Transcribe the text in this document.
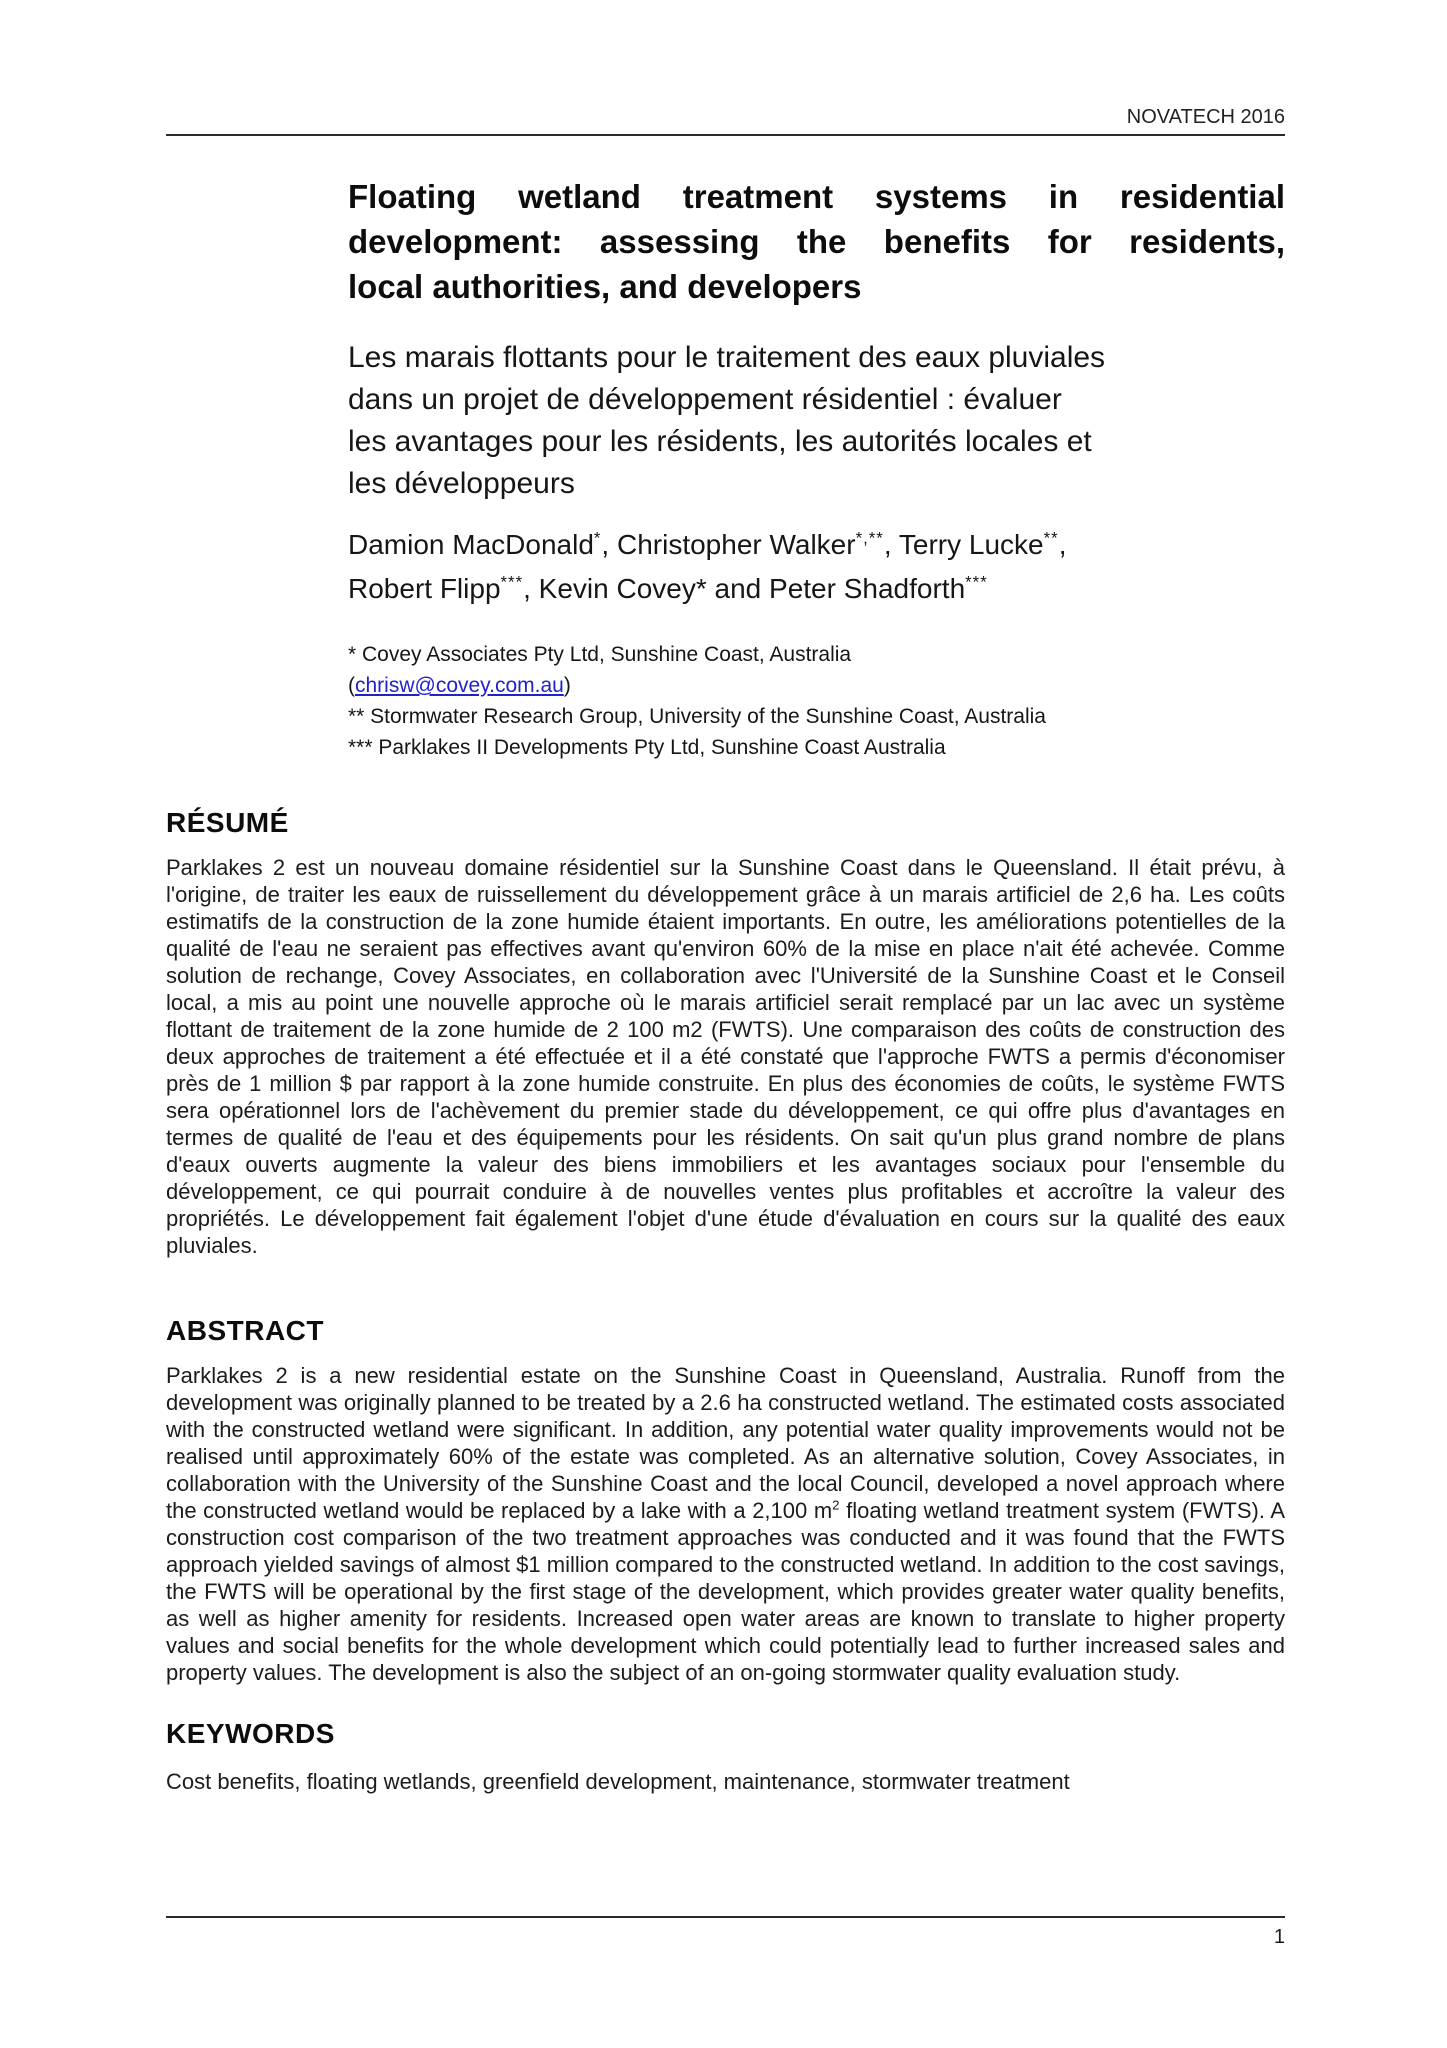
NOVATECH 2016
Floating wetland treatment systems in residential
development: assessing the benefits for residents,
local authorities, and developers
Les marais flottants pour le traitement des eaux pluviales
dans un projet de développement résidentiel : évaluer
les avantages pour les résidents, les autorités locales et
les développeurs

Damion MacDonald*, Christopher Walker*,**, Terry Lucke**,
Robert Flipp***, Kevin Covey* and Peter Shadforth***

* Covey Associates Pty Ltd, Sunshine Coast, Australia
(chrisw@covey.com.au)
** Stormwater Research Group, University of the Sunshine Coast, Australia
*** Parklakes II Developments Pty Ltd, Sunshine Coast Australia
RÉSUMÉ

Parklakes 2 est un nouveau domaine résidentiel sur la Sunshine Coast dans le Queensland. Il était prévu, à l'origine, de traiter les eaux de ruissellement du développement grâce à un marais artificiel de 2,6 ha. Les coûts estimatifs de la construction de la zone humide étaient importants. En outre, les améliorations potentielles de la qualité de l'eau ne seraient pas effectives avant qu'environ 60% de la mise en place n'ait été achevée. Comme solution de rechange, Covey Associates, en collaboration avec l'Université de la Sunshine Coast et le Conseil local, a mis au point une nouvelle approche où le marais artificiel serait remplacé par un lac avec un système flottant de traitement de la zone humide de 2 100 m2 (FWTS). Une comparaison des coûts de construction des deux approches de traitement a été effectuée et il a été constaté que l'approche FWTS a permis d'économiser près de 1 million $ par rapport à la zone humide construite. En plus des économies de coûts, le système FWTS sera opérationnel lors de l'achèvement du premier stade du développement, ce qui offre plus d'avantages en termes de qualité de l'eau et des équipements pour les résidents. On sait qu'un plus grand nombre de plans d'eaux ouverts augmente la valeur des biens immobiliers et les avantages sociaux pour l'ensemble du développement, ce qui pourrait conduire à de nouvelles ventes plus profitables et accroître la valeur des propriétés. Le développement fait également l'objet d'une étude d'évaluation en cours sur la qualité des eaux pluviales.

ABSTRACT

Parklakes 2 is a new residential estate on the Sunshine Coast in Queensland, Australia. Runoff from the development was originally planned to be treated by a 2.6 ha constructed wetland. The estimated costs associated with the constructed wetland were significant. In addition, any potential water quality improvements would not be realised until approximately 60% of the estate was completed. As an alternative solution, Covey Associates, in collaboration with the University of the Sunshine Coast and the local Council, developed a novel approach where the constructed wetland would be replaced by a lake with a 2,100 $m^2$ floating wetland treatment system (FWTS). A construction cost comparison of the two treatment approaches was conducted and it was found that the FWTS approach yielded savings of almost $1 million compared to the constructed wetland. In addition to the cost savings, the FWTS will be operational by the first stage of the development, which provides greater water quality benefits, as well as higher amenity for residents. Increased open water areas are known to translate to higher property values and social benefits for the whole development which could potentially lead to further increased sales and property values. The development is also the subject of an on-going stormwater quality evaluation study.

KEYWORDS

Cost benefits, floating wetlands, greenfield development, maintenance, stormwater treatment

1
